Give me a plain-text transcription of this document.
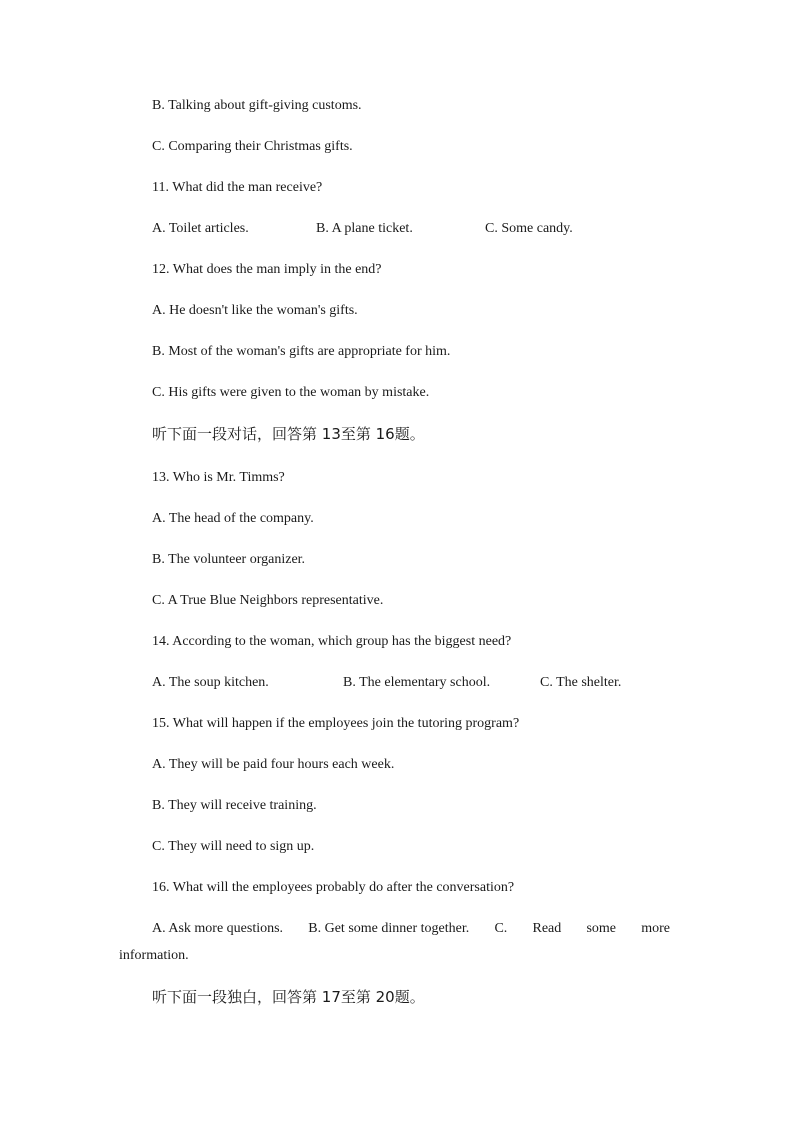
B. Talking about gift-giving customs.
C. Comparing their Christmas gifts.
11. What did the man receive?
A. Toilet articles.	B. A plane ticket.	C. Some candy.
12. What does the man imply in the end?
A. He doesn't like the woman's gifts.
B. Most of the woman's gifts are appropriate for him.
C. His gifts were given to the woman by mistake.
听下面一段对话，回答第 13至第 16题。
13. Who is Mr. Timms?
A. The head of the company.
B. The volunteer organizer.
C. A True Blue Neighbors representative.
14. According to the woman, which group has the biggest need?
A. The soup kitchen.	B. The elementary school.	C. The shelter.
15. What will happen if the employees join the tutoring program?
A. They will be paid four hours each week.
B. They will receive training.
C. They will need to sign up.
16. What will the employees probably do after the conversation?
A. Ask more questions. B. Get some dinner together. C. Read some more
information.
听下面一段独白，回答第 17至第 20题。
